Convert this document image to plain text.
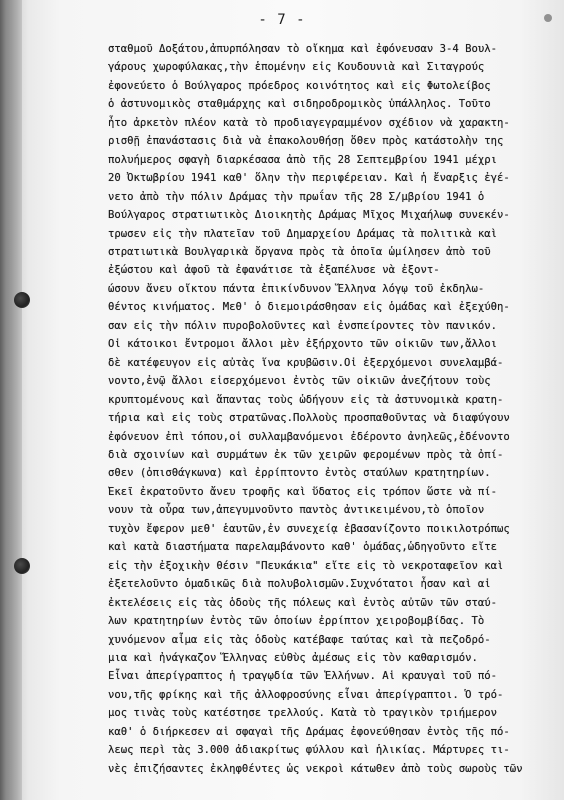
- 7 -
σταθμοῦ Δοξάτου,ἀπυρπόλησαν τὸ οἴκημα καὶ ἐφόνευσαν 3-4 Βουλ-
γάρους χωροφύλακας,τὴν ἑπομένην εἰς Κουδουνιὰ καὶ Σιταγρούς
ἐφονεύετο ὁ Βούλγαρος πρόεδρος κοινότητος καὶ εἰς Φωτολείβος
ὁ ἀστυνομικὸς σταθμάρχης καὶ σιδηροδρομικὸς ὑπάλληλος. Τοῦτο
ἦτο ἀρκετὸν πλέον κατὰ τὸ προδιαγεγραμμένον σχέδιον νὰ χαρακτη-
ρισθῇ ἐπανάστασις διὰ νὰ ἐπακολουθήσῃ ὅθεν πρὸς κατάστολὴν της
πολυήμερος σφαγὴ διαρκέσασα ἀπὸ τῆς 28 Σεπτεμβρίου 1941 μέχρι
20 Ὀκτωβρίου 1941 καθ' ὅλην τὴν περιφέρειαν. Καὶ ἡ ἔναρξις ἐγέ-
νετο ἀπὸ τὴν πόλιν Δράμας τὴν πρωΐαν τῆς 28 Σ/μβρίου 1941 ὁ
Βούλγαρος στρατιωτικὸς Διοικητὴς Δράμας Μῖχος Μιχαήλωφ συνεκέν-
τρωσεν εἰς τὴν πλατεῖαν τοῦ Δημαρχείου Δράμας τὰ πολιτικὰ καὶ
στρατιωτικὰ Βουλγαρικὰ ὄργανα πρὸς τὰ ὁποῖα ὡμίλησεν ἀπὸ τοῦ
ἐξώστου καὶ ἀφοῦ τὰ ἐφανάτισε τὰ ἐξαπέλυσε νὰ ἐξοντ-
ώσουν ἄνευ οἴκτου πάντα ἐπικίνδυνον Ἕλληνα λόγῳ τοῦ ἐκδηλω-
θέντος κινήματος. Μεθ' ὁ διεμοιράσθησαν εἰς ὁμάδας καὶ ἐξεχύθη-
σαν εἰς τὴν πόλιν πυροβολοῦντες καὶ ἐνσπείροντες τὸν πανικόν.
Οἱ κάτοικοι ἔντρομοι ἄλλοι μὲν ἐξήρχοντο τῶν οἰκιῶν των,ἄλλοι
δὲ κατέφευγον εἰς αὐτὰς ἵνα κρυβῶσιν.Οἱ ἐξερχόμενοι συνελαμβά-
νοντο,ἐνῷ ἄλλοι εἰσερχόμενοι ἐντὸς τῶν οἰκιῶν ἀνεζήτουν τοὺς
κρυπτομένους καὶ ἅπαντας τοὺς ὡδήγουν εἰς τὰ ἀστυνομικὰ κρατη-
τήρια καὶ εἰς τοὺς στρατῶνας.Πολλοὺς προσπαθοῦντας νὰ διαφύγουν
ἐφόνευον ἐπὶ τόπου,οἱ συλλαμβανόμενοι ἐδέροντο ἀνηλεῶς,ἐδένοντο
διὰ σχοινίων καὶ συρμάτων ἐκ τῶν χειρῶν φερομένων πρὸς τὰ ὀπί-
σθεν (ὀπισθάγκωνα) καὶ ἐρρίπτοντο ἐντὸς σταύλων κρατητηρίων.
Ἐκεῖ ἐκρατοῦντο ἄνευ τροφῆς καὶ ὕδατος εἰς τρόπον ὥστε νὰ πί-
νουν τὰ οὖρα των,ἀπεγυμνοῦντο παντὸς ἀντικειμένου,τὸ ὁποῖον
τυχὸν ἔφερον μεθ' ἑαυτῶν,ἐν συνεχείᾳ ἐβασανίζοντο ποικιλοτρόπως
καὶ κατὰ διαστήματα παρελαμβάνοντο καθ' ὁμάδας,ὡδηγοῦντο εἴτε
εἰς τὴν ἐξοχικὴν θέσιν "Πευκάκια" εἴτε εἰς τὸ νεκροταφεῖον καὶ
ἐξετελοῦντο ὁμαδικῶς διὰ πολυβολισμῶν.Συχνότατοι ἦσαν καὶ αἱ
ἐκτελέσεις εἰς τὰς ὁδοὺς τῆς πόλεως καὶ ἐντὸς αὐτῶν τῶν σταύ-
λων κρατητηρίων ἐντὸς τῶν ὁποίων ἐρρίπτον χειροβομβίδας. Τὸ
χυνόμενον αἷμα εἰς τὰς ὁδοὺς κατέβαφε ταύτας καὶ τὰ πεζοδρό-
μια καὶ ἠνάγκαζον Ἕλληνας εὐθὺς ἀμέσως εἰς τὸν καθαρισμόν.
Εἶναι ἀπερίγραπτος ἡ τραγῳδία τῶν Ἑλλήνων. Αἱ κραυγαὶ τοῦ πό-
νου,τῆς φρίκης καὶ τῆς ἀλλοφροσύνης εἶναι ἀπερίγραπτοι. Ὁ τρό-
μος τινὰς τοὺς κατέστησε τρελλούς. Κατὰ τὸ τραγικὸν τριήμερον
καθ' ὁ διήρκεσεν αἱ σφαγαὶ τῆς Δράμας ἐφονεύθησαν ἐντὸς τῆς πό-
λεως περὶ τὰς 3.000 ἀδιακρίτως φύλλου καὶ ἡλικίας. Μάρτυρες τι-
νὲς ἐπιζήσαντες ἐκληφθέντες ὡς νεκροὶ κάτωθεν ἀπὸ τοὺς σωροὺς τῶν
